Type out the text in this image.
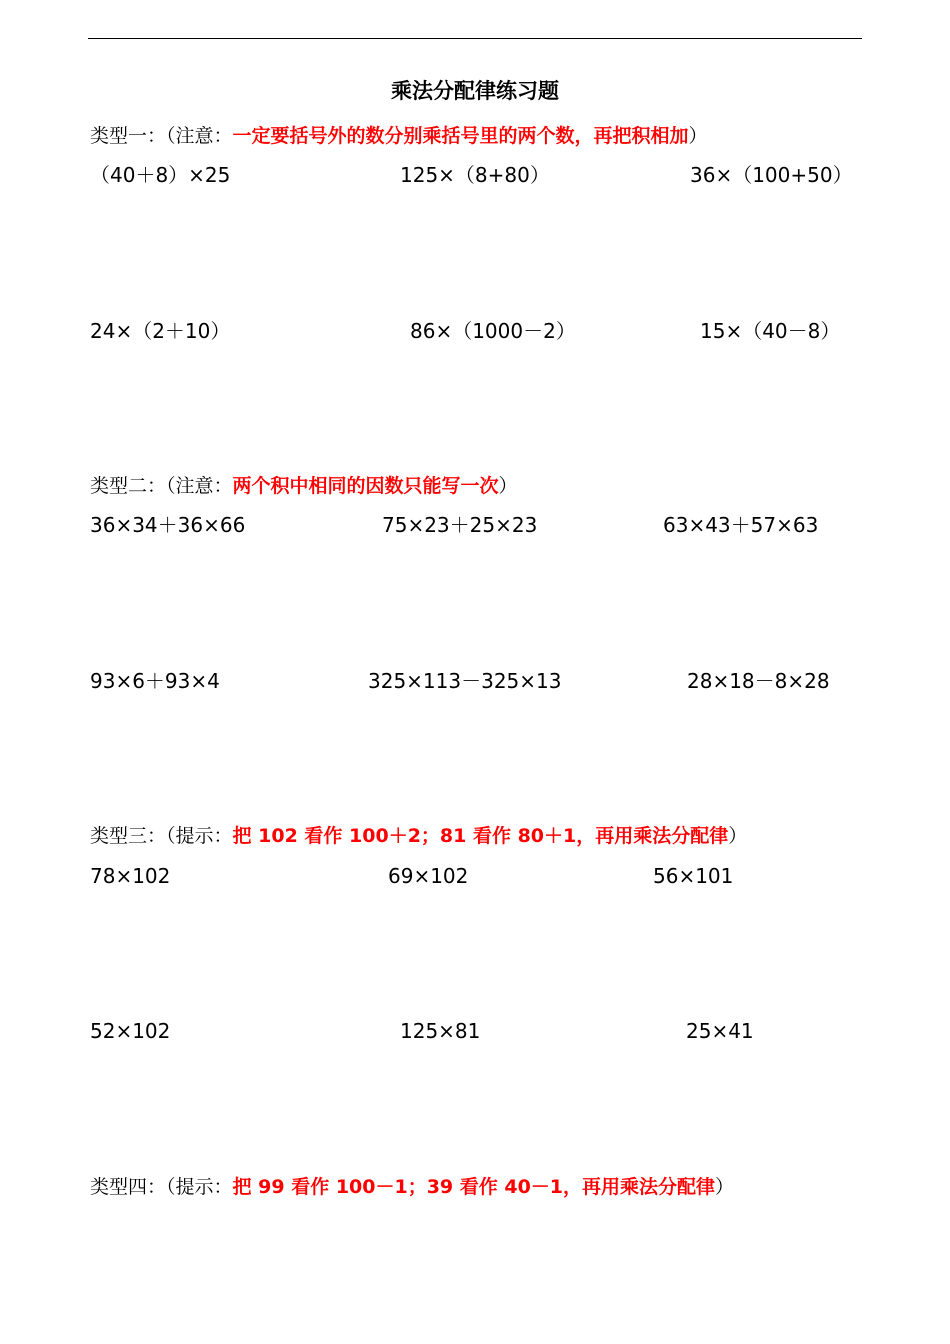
乘法分配律练习题
类型一：（注意：一定要括号外的数分别乘括号里的两个数，再把积相加）
（40＋8）×25	125×（8+80）	36×（100+50）
24×（2＋10）	86×（1000－2）	15×（40－8）
类型二：（注意：两个积中相同的因数只能写一次）
36×34＋36×66	75×23＋25×23	63×43＋57×63
93×6＋93×4	325×113－325×13	28×18－8×28
类型三：（提示：把 102 看作 100＋2；81 看作 80＋1，再用乘法分配律）
78×102	69×102	56×101
52×102	125×81	25×41
类型四：（提示：把 99 看作 100－1；39 看作 40－1，再用乘法分配律）
